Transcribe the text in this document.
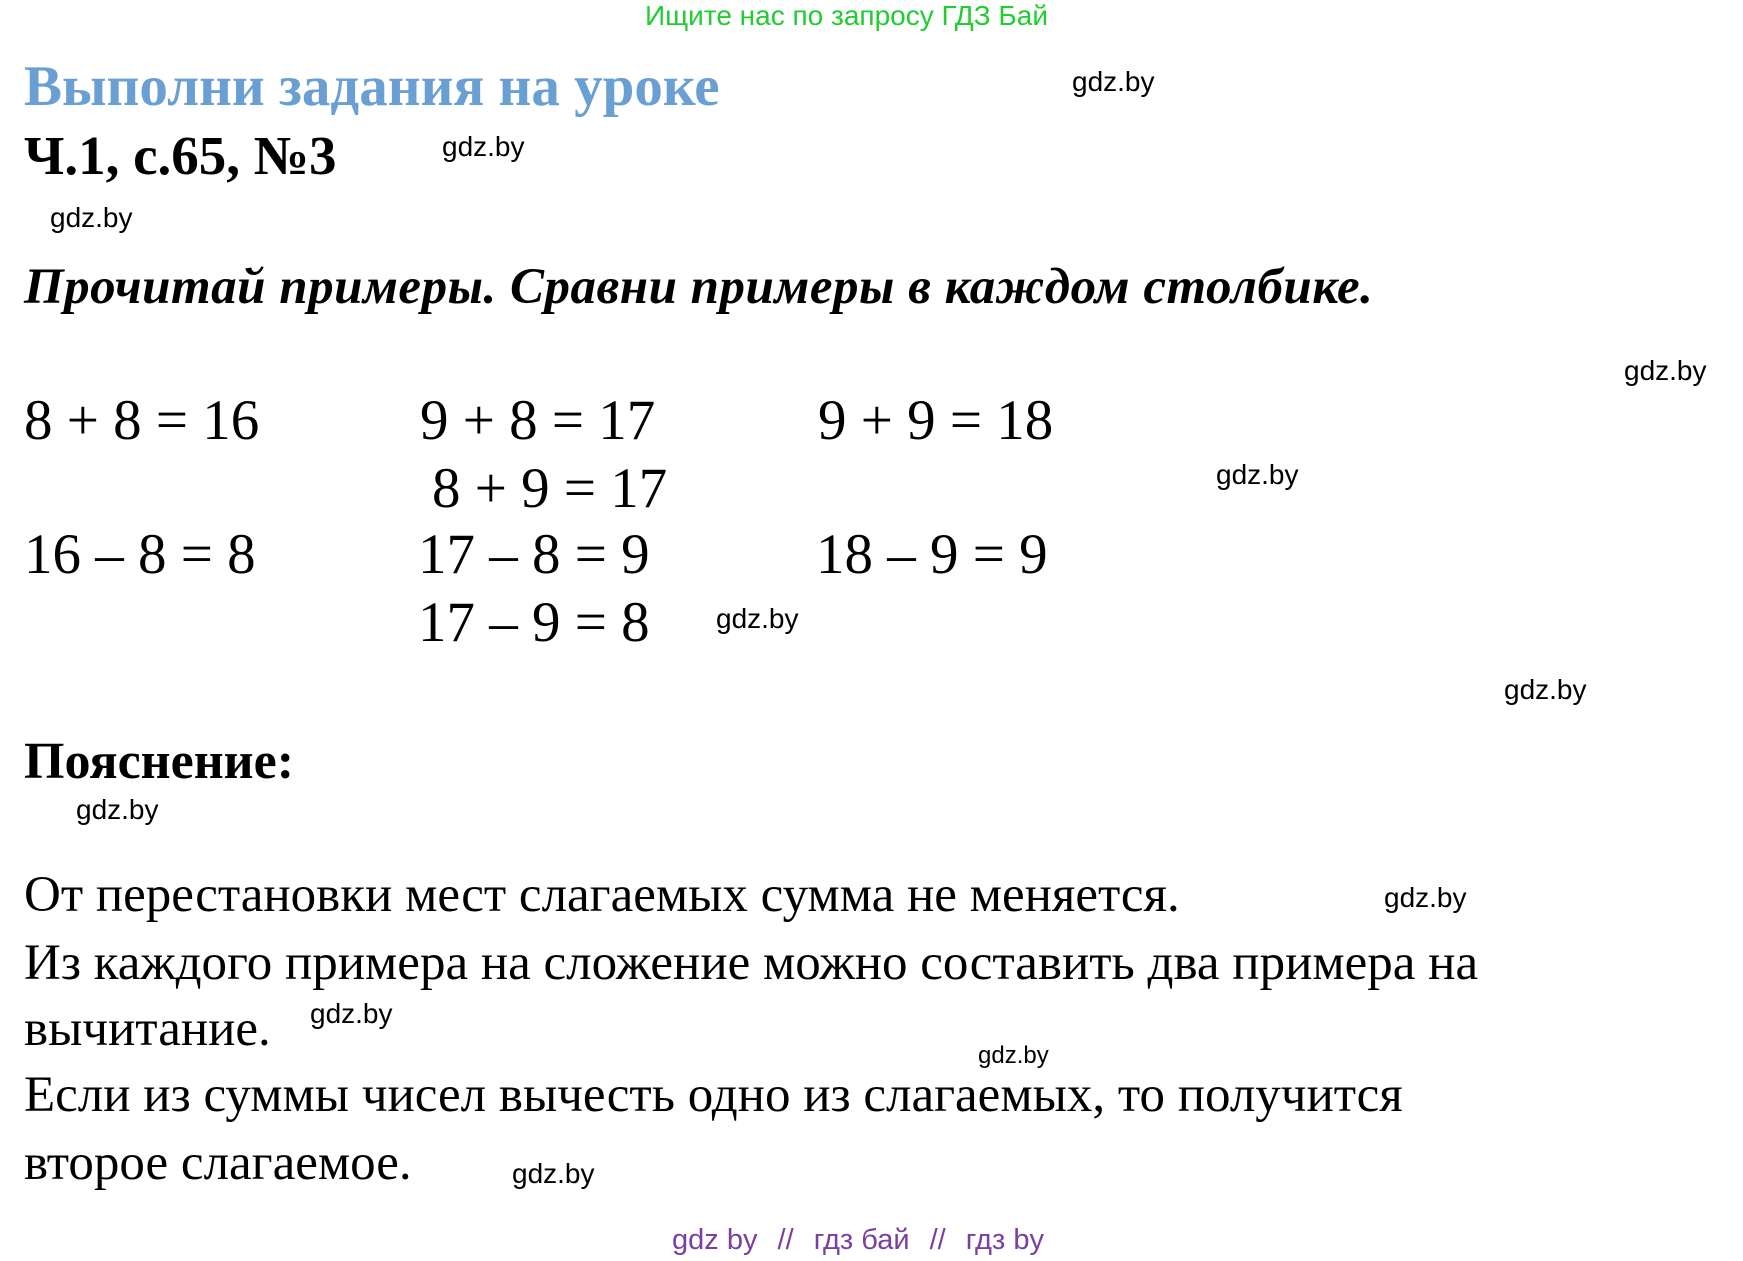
Ищите нас по запросу ГДЗ Бай
Выполни задания на уроке
Ч.1, с.65, №3
Прочитай примеры. Сравни примеры в каждом столбике.
8 + 8 = 16
16 – 8 = 8
9 + 8 = 17
8 + 9 = 17
17 – 8 = 9
17 – 9 = 8
9 + 9 = 18
18 – 9 = 9
Пояснение:
От перестановки мест слагаемых сумма не меняется.
Из каждого примера на сложение можно составить два примера на
вычитание.
Если из суммы чисел вычесть одно из слагаемых, то получится
второе слагаемое.
gdz.by
gdz.by
gdz.by
gdz.by
gdz.by
gdz.by
gdz.by
gdz.by
gdz.by
gdz.by
gdz.by
gdz.by
gdz by // гдз бай // гдз by
